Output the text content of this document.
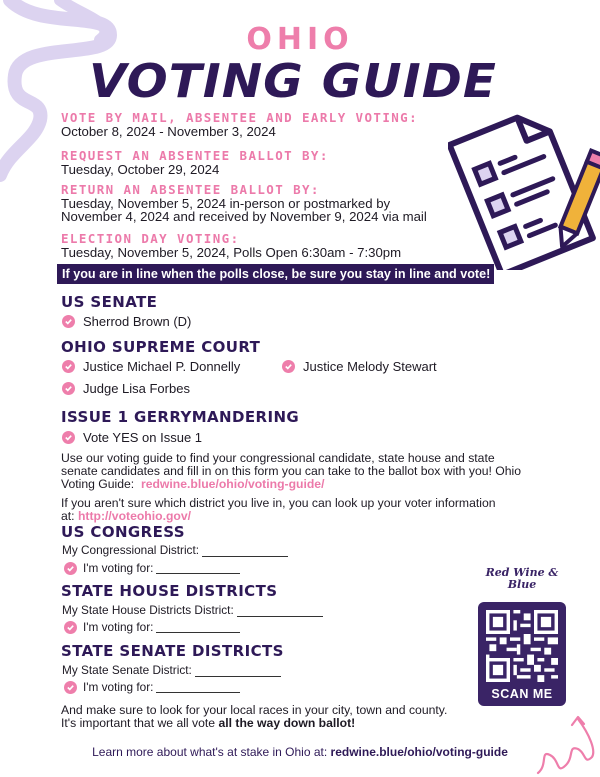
OHIO
VOTING GUIDE
VOTE BY MAIL, ABSENTEE AND EARLY VOTING:
October 8, 2024 - November 3, 2024
REQUEST AN ABSENTEE BALLOT BY:
Tuesday, October 29, 2024
RETURN AN ABSENTEE BALLOT BY:
Tuesday, November 5, 2024 in-person or postmarked by
November 4, 2024 and received by November 9, 2024 via mail
ELECTION DAY VOTING:
Tuesday, November 5, 2024, Polls Open 6:30am - 7:30pm
If you are in line when the polls close, be sure you stay in line and vote!
US SENATE
Sherrod Brown (D)
OHIO SUPREME COURT
Justice Michael P. Donnelly	Justice Melody Stewart
Judge Lisa Forbes
ISSUE 1 GERRYMANDERING
Vote YES on Issue 1
Use our voting guide to find your congressional candidate, state house and state
senate candidates and fill in on this form you can take to the ballot box with you! Ohio
Voting Guide: redwine.blue/ohio/voting-guide/
If you aren't sure which district you live in, you can look up your voter information
at: http://voteohio.gov/
US CONGRESS
My Congressional District:
I'm voting for:
STATE HOUSE DISTRICTS
My State House Districts District:
I'm voting for:
STATE SENATE DISTRICTS
My State Senate District:
I'm voting for:
Red Wine & Blue
SCAN ME
And make sure to look for your local races in your city, town and county.
It's important that we all vote all the way down ballot!
Learn more about what's at stake in Ohio at: redwine.blue/ohio/voting-guide
